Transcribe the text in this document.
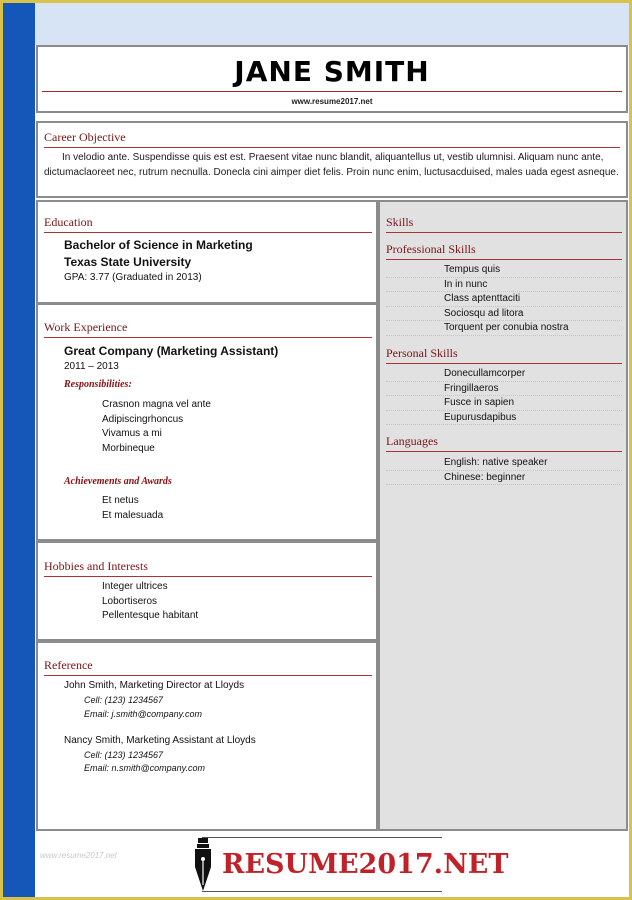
JANE SMITH
www.resume2017.net
Career Objective
In velodio ante. Suspendisse quis est est. Praesent vitae nunc blandit, aliquantellus ut, vestib ulumnisi. Aliquam nunc ante, dictumaclaoreet nec, rutrum necnulla. Donecla cini aimper diet felis. Proin nunc enim, luctusacduised, males uada egest asneque.
Education
Bachelor of Science in Marketing
Texas State University
GPA: 3.77 (Graduated in 2013)
Work Experience
Great Company (Marketing Assistant)
2011 – 2013
Responsibilities:
Crasnon magna vel ante
Adipiscingrhoncus
Vivamus a mi
Morbineque
Achievements and Awards
Et netus
Et malesuada
Hobbies and Interests
Integer ultrices
Lobortiseros
Pellentesque habitant
Reference
John Smith, Marketing Director at Lloyds
Cell: (123) 1234567
Email: j.smith@company.com
Nancy Smith, Marketing Assistant at Lloyds
Cell: (123) 1234567
Email: n.smith@company.com
Skills
Professional Skills
Tempus quis
In in nunc
Class aptenttaciti
Sociosqu ad litora
Torquent per conubia nostra
Personal Skills
Donecullamcorper
Fringillaeros
Fusce in sapien
Eupurusdapibus
Languages
English: native speaker
Chinese: beginner
www.resume2017.net	RESUME2017.NET
